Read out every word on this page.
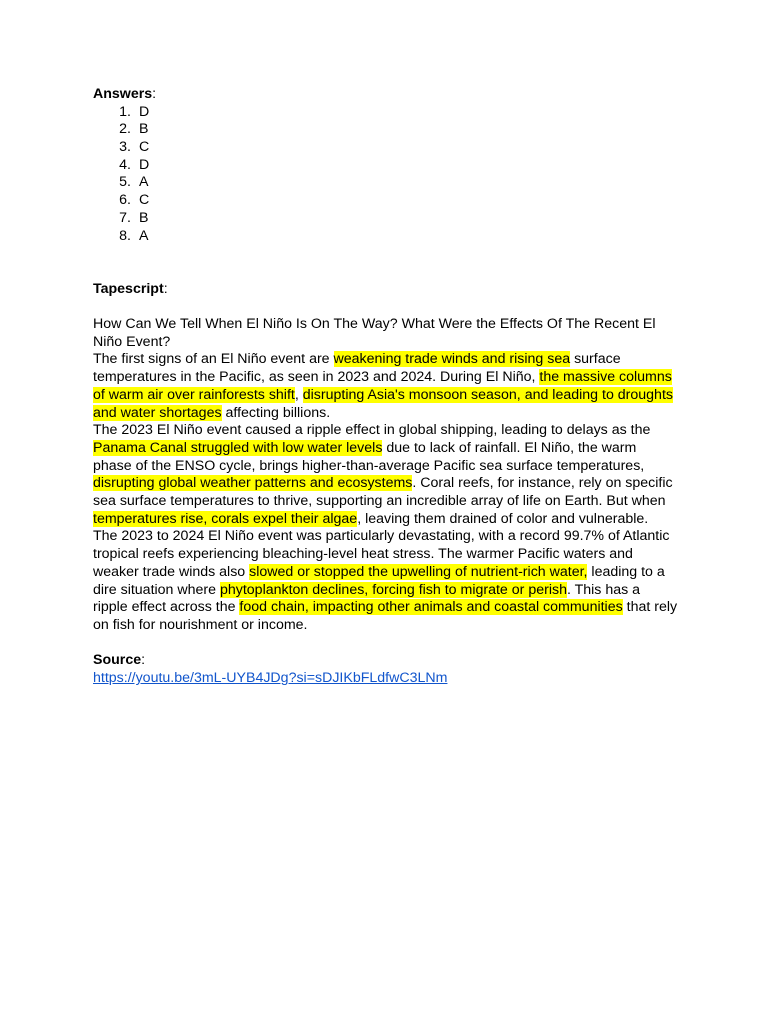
Answers:

1. D
2. B
3. C
4. D
5. A
6. C
7. B
8. A

Tapescript:

How Can We Tell When El Niño Is On The Way? What Were the Effects Of The Recent El Niño Event?

The first signs of an El Niño event are weakening trade winds and rising sea surface temperatures in the Pacific, as seen in 2023 and 2024. During El Niño, the massive columns of warm air over rainforests shift, disrupting Asia's monsoon season, and leading to droughts and water shortages affecting billions.

The 2023 El Niño event caused a ripple effect in global shipping, leading to delays as the Panama Canal struggled with low water levels due to lack of rainfall. El Niño, the warm phase of the ENSO cycle, brings higher-than-average Pacific sea surface temperatures, disrupting global weather patterns and ecosystems. Coral reefs, for instance, rely on specific sea surface temperatures to thrive, supporting an incredible array of life on Earth. But when temperatures rise, corals expel their algae, leaving them drained of color and vulnerable.

The 2023 to 2024 El Niño event was particularly devastating, with a record 99.7% of Atlantic tropical reefs experiencing bleaching-level heat stress. The warmer Pacific waters and weaker trade winds also slowed or stopped the upwelling of nutrient-rich water, leading to a dire situation where phytoplankton declines, forcing fish to migrate or perish. This has a ripple effect across the food chain, impacting other animals and coastal communities that rely on fish for nourishment or income.

Source:

https://youtu.be/3mL-UYB4JDg?si=sDJIKbFLdfwC3LNm
